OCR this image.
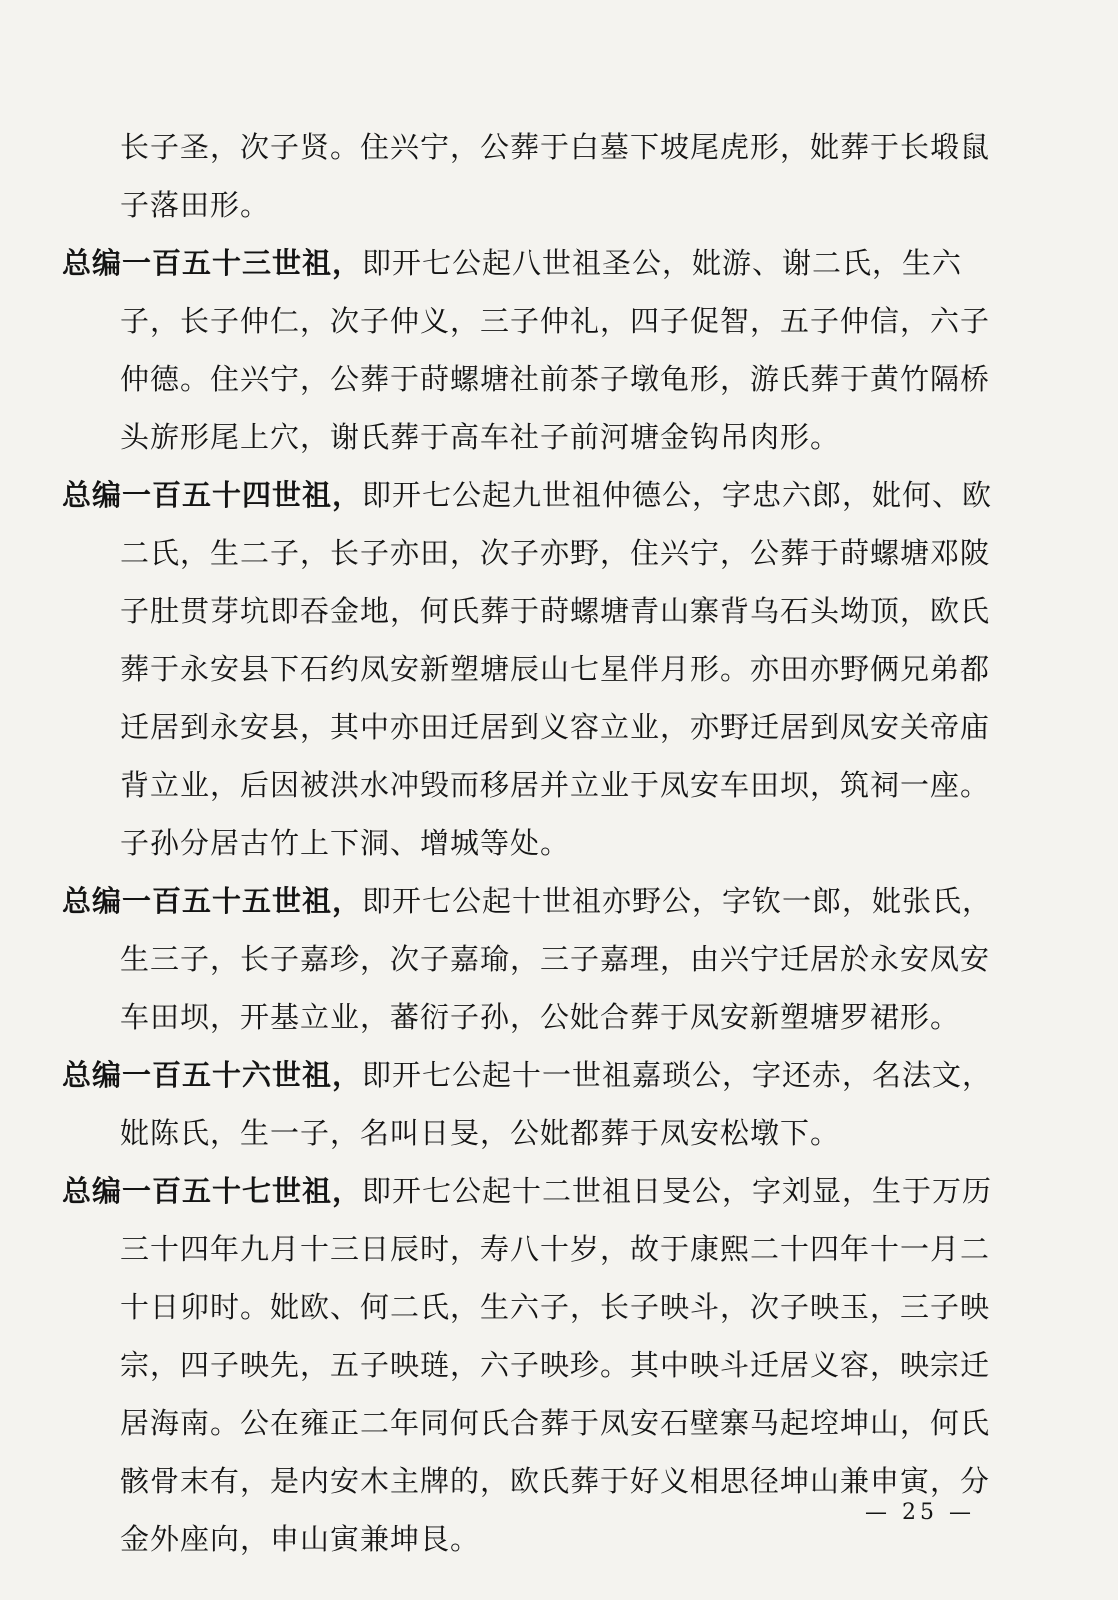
长子圣，次子贤。住兴宁，公葬于白墓下坡尾虎形，妣葬于长塅鼠子落田形。

总编一百五十三世祖，即开七公起八世祖圣公，妣游、谢二氏，生六子，长子仲仁，次子仲义，三子仲礼，四子促智，五子仲信，六子仲德。住兴宁，公葬于莳螺塘社前茶子墩龟形，游氏葬于黄竹隔桥头旂形尾上穴，谢氏葬于高车社子前河塘金钩吊肉形。

总编一百五十四世祖，即开七公起九世祖仲德公，字忠六郎，妣何、欧二氏，生二子，长子亦田，次子亦野，住兴宁，公葬于莳螺塘邓陂子肚贯芽坑即吞金地，何氏葬于莳螺塘青山寨背乌石头坳顶，欧氏葬于永安县下石约凤安新塑塘辰山七星伴月形。亦田亦野俩兄弟都迁居到永安县，其中亦田迁居到义容立业，亦野迁居到凤安关帝庙背立业，后因被洪水冲毁而移居并立业于凤安车田坝，筑祠一座。子孙分居古竹上下洞、增城等处。

总编一百五十五世祖，即开七公起十世祖亦野公，字钦一郎，妣张氏，生三子，长子嘉珍，次子嘉瑜，三子嘉理，由兴宁迁居於永安凤安车田坝，开基立业，蕃衍子孙，公妣合葬于凤安新塑塘罗裙形。

总编一百五十六世祖，即开七公起十一世祖嘉琐公，字还赤，名法文，妣陈氏，生一子，名叫日旻，公妣都葬于凤安松墩下。

总编一百五十七世祖，即开七公起十二世祖日旻公，字刘显，生于万历三十四年九月十三日辰时，寿八十岁，故于康熙二十四年十一月二十日卯时。妣欧、何二氏，生六子，长子映斗，次子映玉，三子映宗，四子映先，五子映琏，六子映珍。其中映斗迁居义容，映宗迁居海南。公在雍正二年同何氏合葬于凤安石壁寨马起埪坤山，何氏骸骨末有，是内安木主牌的，欧氏葬于好义相思径坤山兼申寅，分金外座向，申山寅兼坤艮。

— 25 —
